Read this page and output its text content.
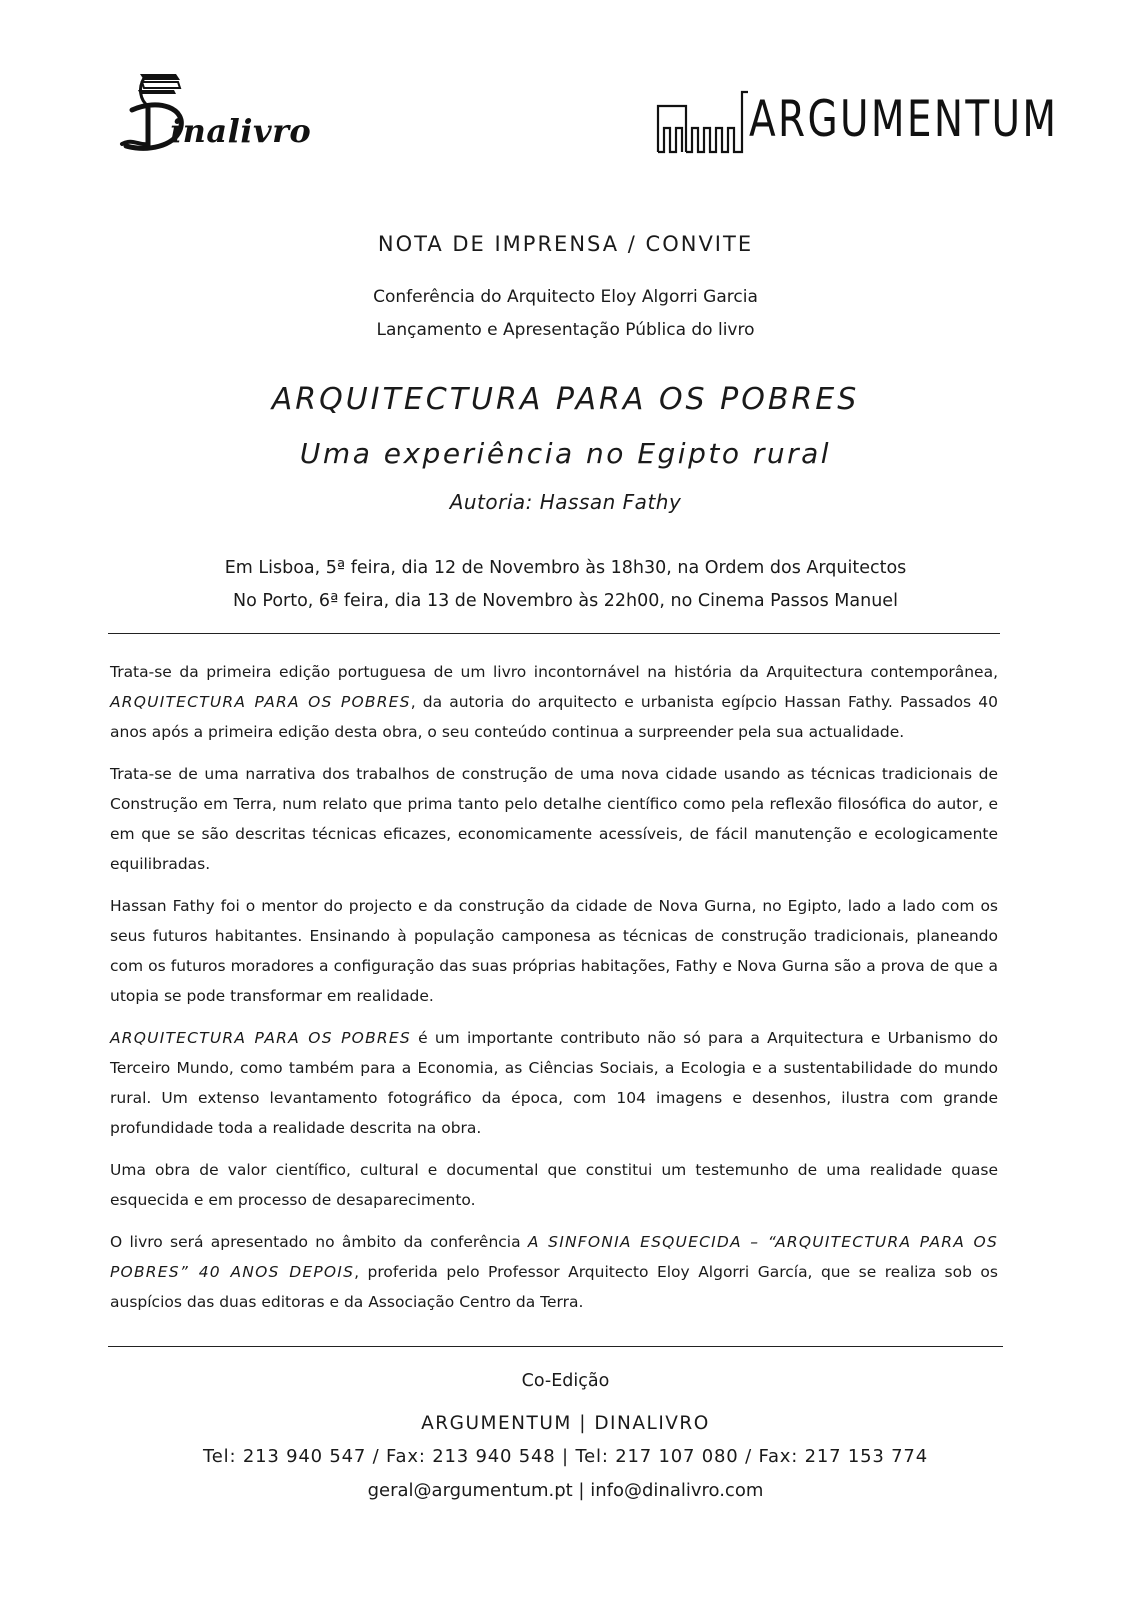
inalivro	ARGUMENTUM
NOTA DE IMPRENSA / CONVITE
Conferência do Arquitecto Eloy Algorri Garcia
Lançamento e Apresentação Pública do livro
ARQUITECTURA PARA OS POBRES
Uma experiência no Egipto rural
Autoria: Hassan Fathy
Em Lisboa, 5ª feira, dia 12 de Novembro às 18h30, na Ordem dos Arquitectos
No Porto, 6ª feira, dia 13 de Novembro às 22h00, no Cinema Passos Manuel

Trata-se da primeira edição portuguesa de um livro incontornável na história da Arquitectura contemporânea, ARQUITECTURA PARA OS POBRES, da autoria do arquitecto e urbanista egípcio Hassan Fathy. Passados 40 anos após a primeira edição desta obra, o seu conteúdo continua a surpreender pela sua actualidade.

Trata-se de uma narrativa dos trabalhos de construção de uma nova cidade usando as técnicas tradicionais de Construção em Terra, num relato que prima tanto pelo detalhe científico como pela reflexão filosófica do autor, e em que se são descritas técnicas eficazes, economicamente acessíveis, de fácil manutenção e ecologicamente equilibradas.

Hassan Fathy foi o mentor do projecto e da construção da cidade de Nova Gurna, no Egipto, lado a lado com os seus futuros habitantes. Ensinando à população camponesa as técnicas de construção tradicionais, planeando com os futuros moradores a configuração das suas próprias habitações, Fathy e Nova Gurna são a prova de que a utopia se pode transformar em realidade.

ARQUITECTURA PARA OS POBRES é um importante contributo não só para a Arquitectura e Urbanismo do Terceiro Mundo, como também para a Economia, as Ciências Sociais, a Ecologia e a sustentabilidade do mundo rural. Um extenso levantamento fotográfico da época, com 104 imagens e desenhos, ilustra com grande profundidade toda a realidade descrita na obra.

Uma obra de valor científico, cultural e documental que constitui um testemunho de uma realidade quase esquecida e em processo de desaparecimento.

O livro será apresentado no âmbito da conferência A SINFONIA ESQUECIDA – “ARQUITECTURA PARA OS POBRES” 40 ANOS DEPOIS, proferida pelo Professor Arquitecto Eloy Algorri García, que se realiza sob os auspícios das duas editoras e da Associação Centro da Terra.

Co-Edição
ARGUMENTUM | DINALIVRO
Tel: 213 940 547 / Fax: 213 940 548 | Tel: 217 107 080 / Fax: 217 153 774
geral@argumentum.pt | info@dinalivro.com
